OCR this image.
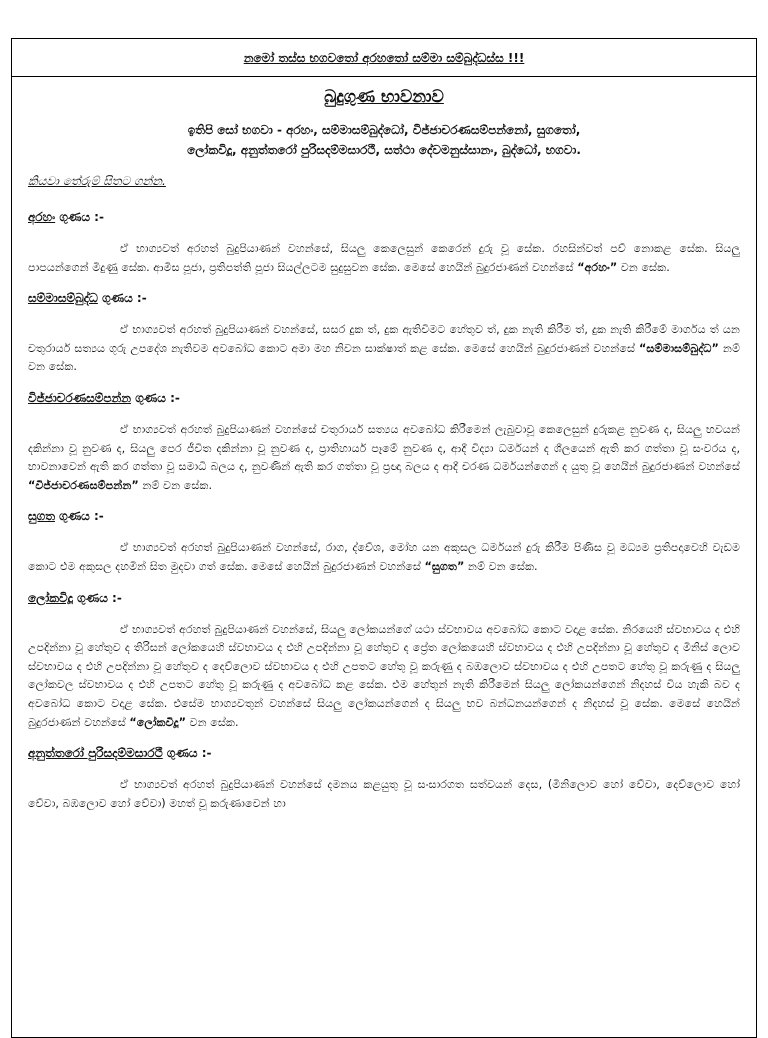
නමෝ තස්ස භගවතෝ අරහතෝ සම්මා සම්බුද්ධස්ස !!!

බුදුගුණ භාවනාව

ඉතිපි සෝ භගවා - අරහං, සම්මාසම්බුද්ධෝ, විජ්ජාචරණසම්පන්නෝ, සුගතෝ,
ලෝකවිදූ, අනුත්තරෝ පුරිසදම්මසාරථී, සත්ථා දේවමනුස්සානං, බුද්ධෝ, භගවා.

කියවා තේරුම් සිතට ගන්න.

අරහං ගුණය :-

ඒ භාග්‍යවත් අරහත් බුදුපියාණන් වහන්සේ, සියලු කෙලෙසුන් කෙරෙන් දුරු වූ සේක. රහසින්වත් පව් නොකළ සේක. සියලු පාපයන්ගෙන් මිදුණු සේක. ආමිස පූජා, ප්‍රතිපත්ති පූජා සියල්ලටම සුදුසුවන සේක. මෙසේ හෙයින් බුදුරජාණන් වහන්සේ “අරහං” වන සේක.

සම්මාසම්බුද්ධ ගුණය :-

ඒ භාග්‍යවත් අරහත් බුදුපියාණන් වහන්සේ, සසර දුක ත්, දුක ඇතිවීමට හේතුව ත්, දුක නැති කිරීම ත්, දුක නැති කිරීමේ මාර්ගය ත් යන චතුරාර්ය සත්‍යය ගුරු උපදේශ නැතිවම අවබෝධ කොට අමා මහ නිවන සාක්ෂාත් කළ සේක. මෙසේ හෙයින් බුදුරජාණන් වහන්සේ “සම්මාසම්බුද්ධ” නම් වන සේක.

විජ්ජාචරණසම්පන්න ගුණය :-

ඒ භාග්‍යවත් අරහත් බුදුපියාණන් වහන්සේ චතුරාර්ය සත්‍යය අවබෝධ කිරීමෙන් ලැබුවාවූ කෙලෙසුන් දුරුකළ නුවණ ද, සියලු භවයන් දකින්නා වූ නුවණ ද, සියලු පෙර ජීවිත දකින්නා වූ නුවණ ද, ප්‍රාතිහාර්ය පෑමේ නුවණ ද, ආදී විද්‍යා ධර්මයන් ද ශීලයෙන් ඇති කර ගත්තා වූ සංවරය ද, භාවනාවෙන් ඇති කර ගත්තා වූ සමාධි බලය ද, නුවණින් ඇති කර ගත්තා වූ ප්‍රඥා බලය ද ආදී චරණ ධර්මයන්ගෙන් ද යුතු වූ හෙයින් බුදුරජාණන් වහන්සේ “විජ්ජාචරණසම්පන්න” නම් වන සේක.

සුගත ගුණය :-

ඒ භාග්‍යවත් අරහත් බුදුපියාණන් වහන්සේ, රාග, ද්වේශ, මෝහ යන අකුසල ධර්මයන් දුරු කිරීම පිණිස වූ මධ්‍යම ප්‍රතිපදාවෙහි වැඩම කොට එම අකුසල දහමින් සිත මුදවා ගත් සේක. මෙසේ හෙයින් බුදුරජාණන් වහන්සේ “සුගත” නම් වන සේක.

ලෝකවිදූ ගුණය :-

ඒ භාග්‍යවත් අරහත් බුදුපියාණන් වහන්සේ, සියලු ලෝකයන්ගේ යථා ස්වභාවය අවබෝධ කොට වදාළ සේක. නිරයෙහි ස්වභාවය ද එහි උපදින්නා වූ හේතුව ද තිරිසන් ලෝකයෙහි ස්වභාවය ද එහි උපදින්නා වූ හේතුව ද ප්‍රේත ලෝකයෙහි ස්වභාවය ද එහි උපදින්නා වූ හේතුව ද මිනිස් ලොව ස්වභාවය ද එහි උපදින්නා වූ හේතුව ද දෙව්ලොව ස්වභාවය ද එහි උපතට හේතු වූ කරුණු ද බඹලොව ස්වභාවය ද එහි උපතට හේතු වූ කරුණු ද සියලු ලෝකවල ස්වභාවය ද එහි උපතට හේතු වූ කරුණු ද අවබෝධ කළ සේක. එම හේතුන් නැති කිරීමෙන් සියලු ලෝකයන්ගෙන් නිදහස් විය හැකි බව ද අවබෝධ කොට වදාළ සේක. එසේම භාග්‍යවතුන් වහන්සේ සියලු ලෝකයන්ගෙන් ද සියලු භව බන්ධනයන්ගෙන් ද නිදහස් වූ සේක. මෙසේ හෙයින් බුදුරජාණන් වහන්සේ “ලෝකවිදූ” වන සේක.

අනුත්තරෝ පුරිසදම්මසාරථී ගුණය :-

ඒ භාග්‍යවත් අරහත් බුදුපියාණන් වහන්සේ දමනය කළයුතු වූ සංසාරගත සත්වයන් දෙස, (මිනිලොව හෝ වේවා, දෙව්ලොව හෝ වේවා, බඹලොව හෝ වේවා) මහත් වූ කරුණාවෙන් හා
